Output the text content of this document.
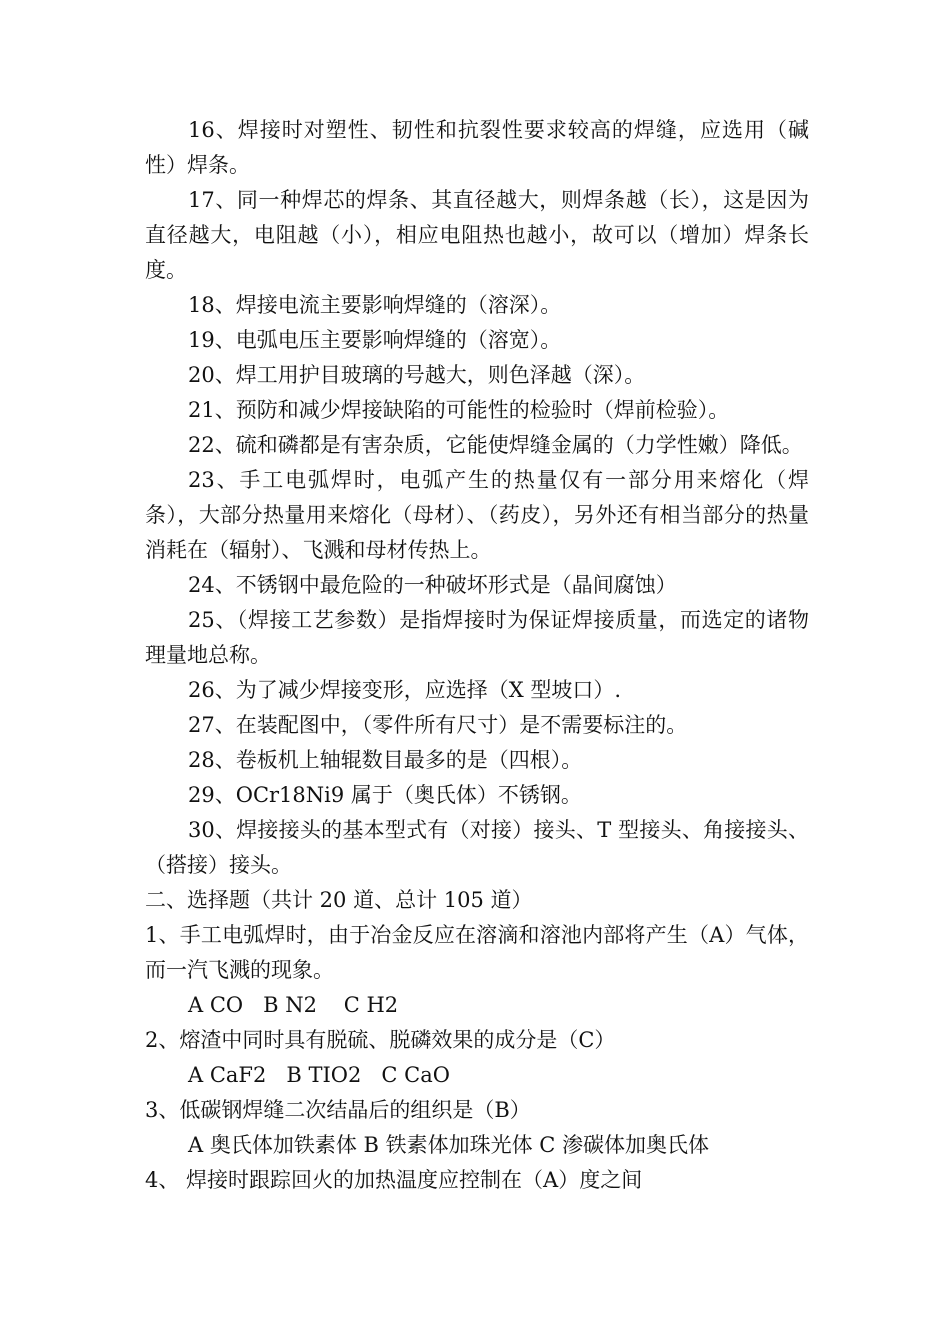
16、焊接时对塑性、韧性和抗裂性要求较高的焊缝，应选用（碱性）焊条。

17、同一种焊芯的焊条、其直径越大，则焊条越（长），这是因为直径越大，电阻越（小），相应电阻热也越小，故可以（增加）焊条长度。

18、焊接电流主要影响焊缝的（溶深）。

19、电弧电压主要影响焊缝的（溶宽）。

20、焊工用护目玻璃的号越大，则色泽越（深）。

21、预防和减少焊接缺陷的可能性的检验时（焊前检验）。

22、硫和磷都是有害杂质，它能使焊缝金属的（力学性嫩）降低。

23、手工电弧焊时，电弧产生的热量仅有一部分用来熔化（焊条），大部分热量用来熔化（母材）、（药皮），另外还有相当部分的热量消耗在（辐射）、飞溅和母材传热上。

24、不锈钢中最危险的一种破坏形式是（晶间腐蚀）

25、（焊接工艺参数）是指焊接时为保证焊接质量，而选定的诸物理量地总称。

26、为了减少焊接变形，应选择（X 型坡口）.

27、在装配图中，（零件所有尺寸）是不需要标注的。

28、卷板机上轴辊数目最多的是（四根）。

29、OCr18Ni9 属于（奥氏体）不锈钢。

30、焊接接头的基本型式有（对接）接头、T 型接头、角接接头、（搭接）接头。

二、选择题（共计 20 道、总计 105 道）

1、手工电弧焊时，由于冶金反应在溶滴和溶池内部将产生（A）气体，而一汽飞溅的现象。

A CO   B N2    C H2

2、熔渣中同时具有脱硫、脱磷效果的成分是（C）

A CaF2   B TIO2   C CaO

3、低碳钢焊缝二次结晶后的组织是（B）

A 奥氏体加铁素体 B 铁素体加珠光体 C 渗碳体加奥氏体

4、 焊接时跟踪回火的加热温度应控制在（A）度之间
